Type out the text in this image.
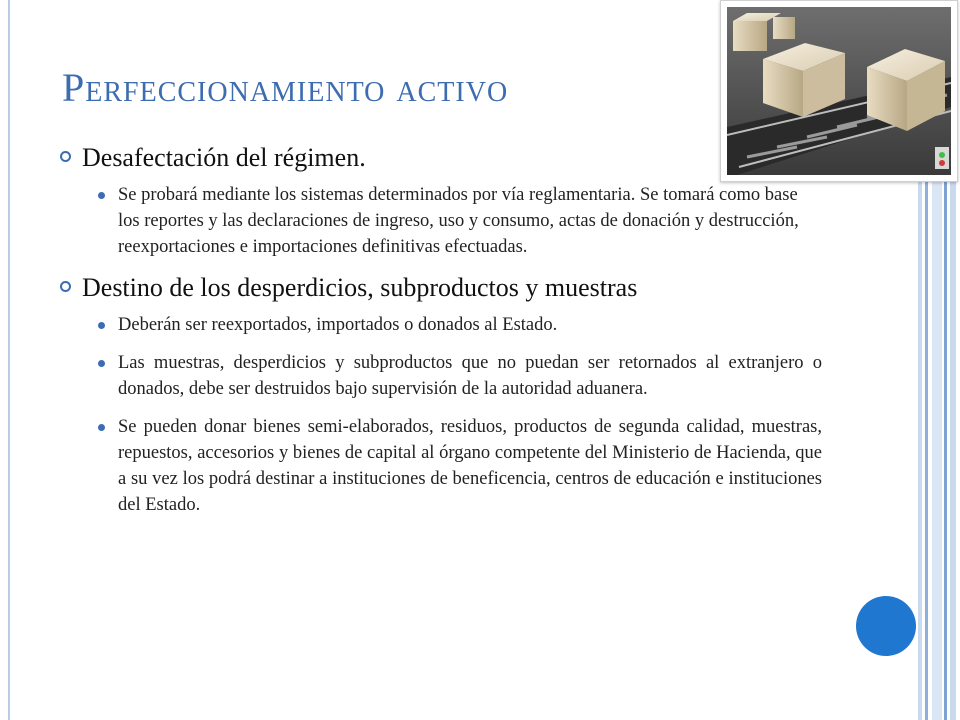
Perfeccionamiento activo
Desafectación del régimen.
Se probará mediante los sistemas determinados por vía reglamentaria. Se tomará como base los reportes y las declaraciones de ingreso, uso y consumo, actas de donación y destrucción, reexportaciones e importaciones definitivas efectuadas.
Destino de los desperdicios, subproductos y muestras
Deberán ser reexportados, importados o donados al Estado.
Las muestras, desperdicios y subproductos que no puedan ser retornados al extranjero o donados, debe ser destruidos bajo supervisión de la autoridad aduanera.
Se pueden donar bienes semi-elaborados, residuos, productos de segunda calidad, muestras, repuestos, accesorios y bienes de capital al órgano competente del Ministerio de Hacienda, que a su vez los podrá destinar a instituciones de beneficencia, centros de educación e instituciones del Estado.
